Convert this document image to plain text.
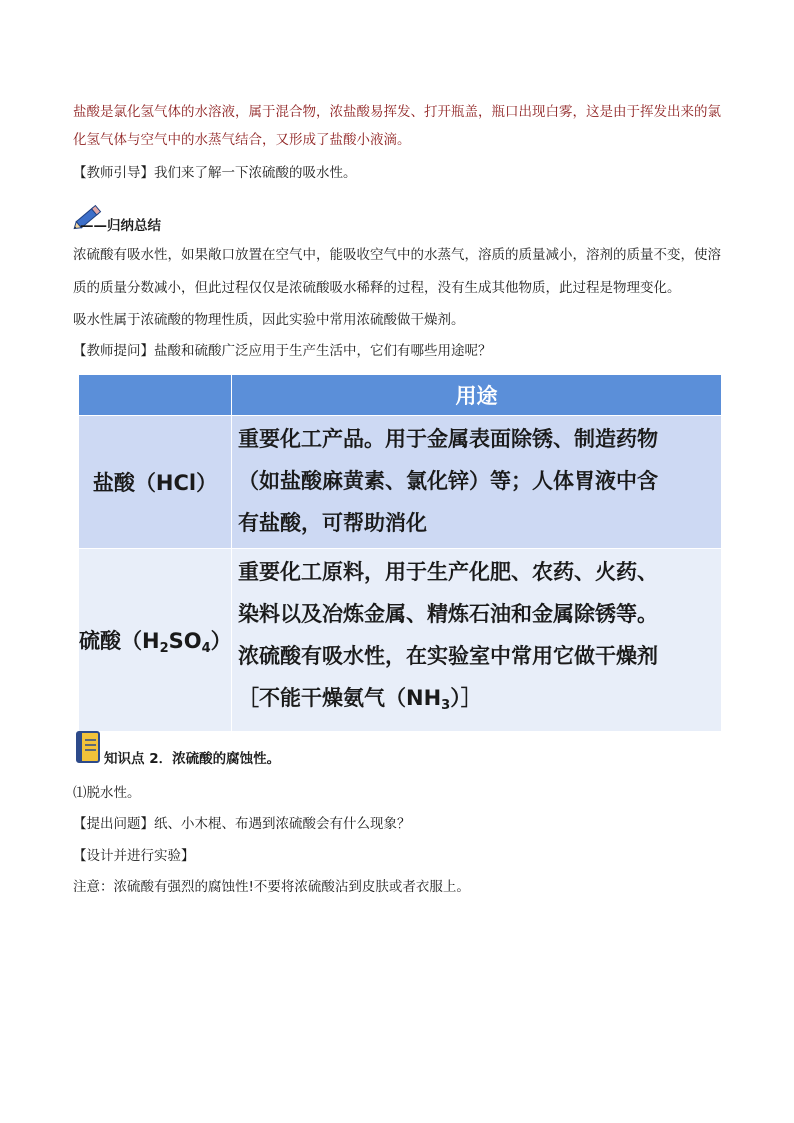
盐酸是氯化氢气体的水溶液，属于混合物，浓盐酸易挥发、打开瓶盖，瓶口出现白雾，这是由于挥发出来的氯
化氢气体与空气中的水蒸气结合，又形成了盐酸小液滴。
【教师引导】我们来了解一下浓硫酸的吸水性。
——归纳总结
浓硫酸有吸水性，如果敞口放置在空气中，能吸收空气中的水蒸气，溶质的质量减小，溶剂的质量不变，使溶
质的质量分数减小，但此过程仅仅是浓硫酸吸水稀释的过程，没有生成其他物质，此过程是物理变化。
吸水性属于浓硫酸的物理性质，因此实验中常用浓硫酸做干燥剂。
【教师提问】盐酸和硫酸广泛应用于生产生活中，它们有哪些用途呢？
	用途
盐酸（HCl）	重要化工产品。用于金属表面除锈、制造药物
（如盐酸麻黄素、氯化锌）等；人体胃液中含
有盐酸，可帮助消化

硫酸$(H_2SO_4)$	重要化工原料，用于生产化肥、农药、火药、
染料以及冶炼金属、精炼石油和金属除锈等。
浓硫酸有吸水性，在实验室中常用它做干燥剂
［不能干燥氨气$(NH_3)]$
知识点 2．浓硫酸的腐蚀性。
⑴脱水性。
【提出问题】纸、小木棍、布遇到浓硫酸会有什么现象？
【设计并进行实验】
注意：浓硫酸有强烈的腐蚀性!不要将浓硫酸沾到皮肤或者衣服上。
